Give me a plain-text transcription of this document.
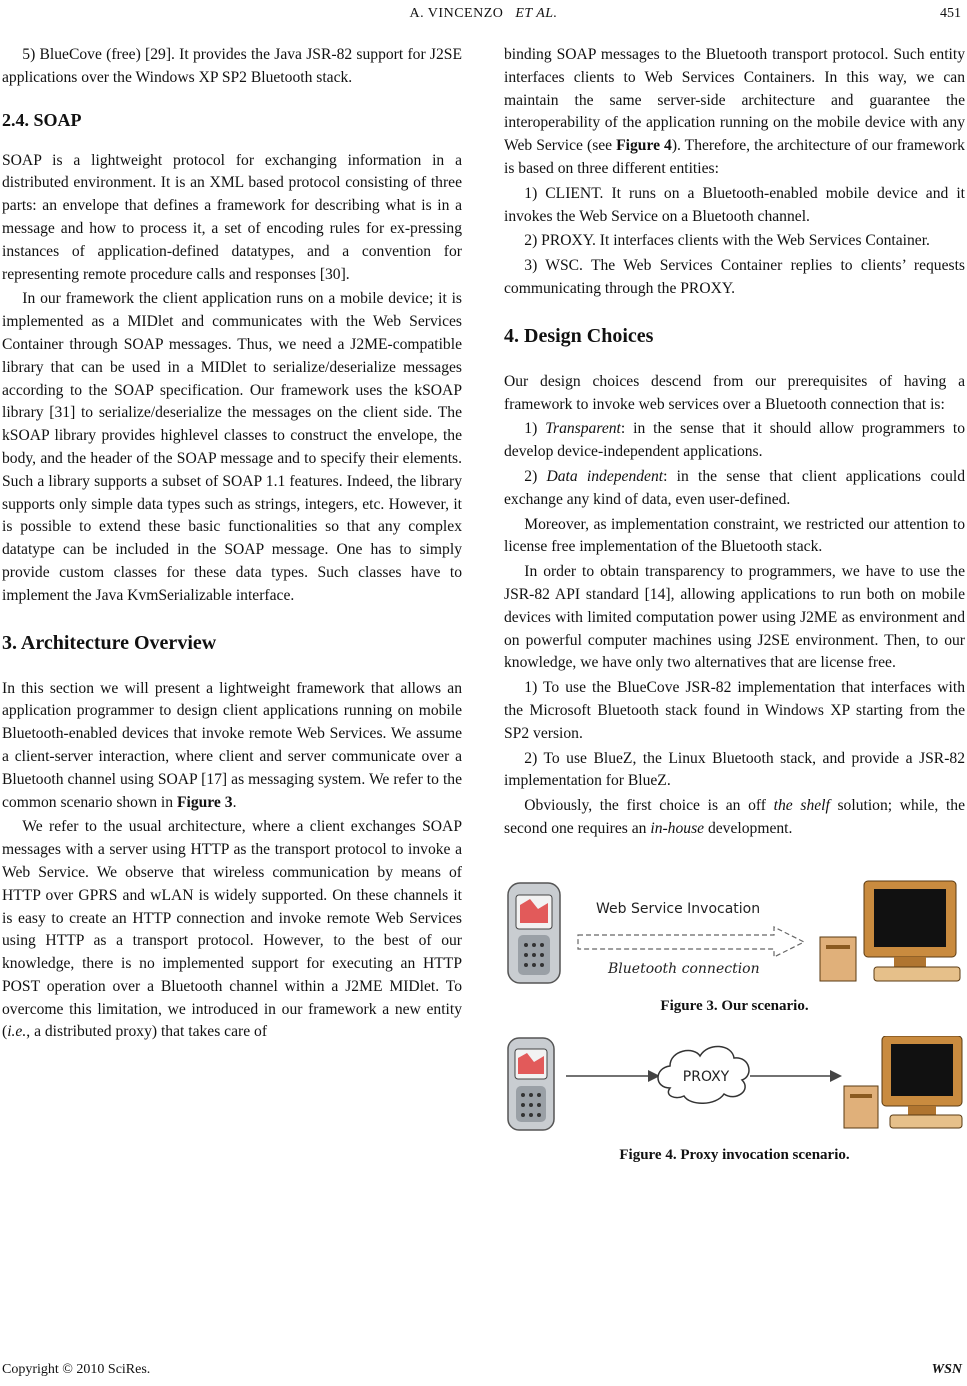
A. VINCENZO ET AL.	451

5) BlueCove (free) [29]. It provides the Java JSR-82 support for J2SE applications over the Windows XP SP2 Bluetooth stack.

2.4. SOAP

SOAP is a lightweight protocol for exchanging information in a distributed environment. It is an XML based protocol consisting of three parts: an envelope that defines a framework for describing what is in a message and how to process it, a set of encoding rules for ex-pressing instances of application-defined datatypes, and a convention for representing remote procedure calls and responses [30].

In our framework the client application runs on a mobile device; it is implemented as a MIDlet and communicates with the Web Services Container through SOAP messages. Thus, we need a J2ME-compatible library that can be used in a MIDlet to serialize/deserialize messages according to the SOAP specification. Our framework uses the kSOAP library [31] to serialize/deserialize the messages on the client side. The kSOAP library provides highlevel classes to construct the envelope, the body, and the header of the SOAP message and to specify their elements. Such a library supports a subset of SOAP 1.1 features. Indeed, the library supports only simple data types such as strings, integers, etc. However, it is possible to extend these basic functionalities so that any complex datatype can be included in the SOAP message. One has to simply provide custom classes for these data types. Such classes have to implement the Java KvmSerializable interface.

3. Architecture Overview

In this section we will present a lightweight framework that allows an application programmer to design client applications running on mobile Bluetooth-enabled devices that invoke remote Web Services. We assume a client-server interaction, where client and server communicate over a Bluetooth channel using SOAP [17] as messaging system. We refer to the common scenario shown in Figure 3.

We refer to the usual architecture, where a client exchanges SOAP messages with a server using HTTP as the transport protocol to invoke a Web Service. We observe that wireless communication by means of HTTP over GPRS and wLAN is widely supported. On these channels it is easy to create an HTTP connection and invoke remote Web Services using HTTP as a transport protocol. However, to the best of our knowledge, there is no implemented support for executing an HTTP POST operation over a Bluetooth channel within a J2ME MIDlet. To overcome this limitation, we introduced in our framework a new entity (i.e., a distributed proxy) that takes care of

binding SOAP messages to the Bluetooth transport protocol. Such entity interfaces clients to Web Services Containers. In this way, we can maintain the same server-side architecture and guarantee the interoperability of the application running on the mobile device with any Web Service (see Figure 4). Therefore, the architecture of our framework is based on three different entities:

1) CLIENT. It runs on a Bluetooth-enabled mobile device and it invokes the Web Service on a Bluetooth channel.

2) PROXY. It interfaces clients with the Web Services Container.

3) WSC. The Web Services Container replies to clients’ requests communicating through the PROXY.

4. Design Choices

Our design choices descend from our prerequisites of having a framework to invoke web services over a Bluetooth connection that is:

1) Transparent: in the sense that it should allow programmers to develop device-independent applications.

2) Data independent: in the sense that client applications could exchange any kind of data, even user-defined.

Moreover, as implementation constraint, we restricted our attention to license free implementation of the Bluetooth stack.

In order to obtain transparency to programmers, we have to use the JSR-82 API standard [14], allowing applications to run both on mobile devices with limited computation power using J2ME as environment and on powerful computer machines using J2SE environment. Then, to our knowledge, we have only two alternatives that are license free.

1) To use the BlueCove JSR-82 implementation that interfaces with the Microsoft Bluetooth stack found in Windows XP starting from the SP2 version.

2) To use BlueZ, the Linux Bluetooth stack, and provide a JSR-82 implementation for BlueZ.

Obviously, the first choice is an off the shelf solution; while, the second one requires an in-house development.

Web Service Invocation
Bluetooth connection
Figure 3. Our scenario.
PROXY
Figure 4. Proxy invocation scenario.
Copyright © 2010 SciRes.	WSN
